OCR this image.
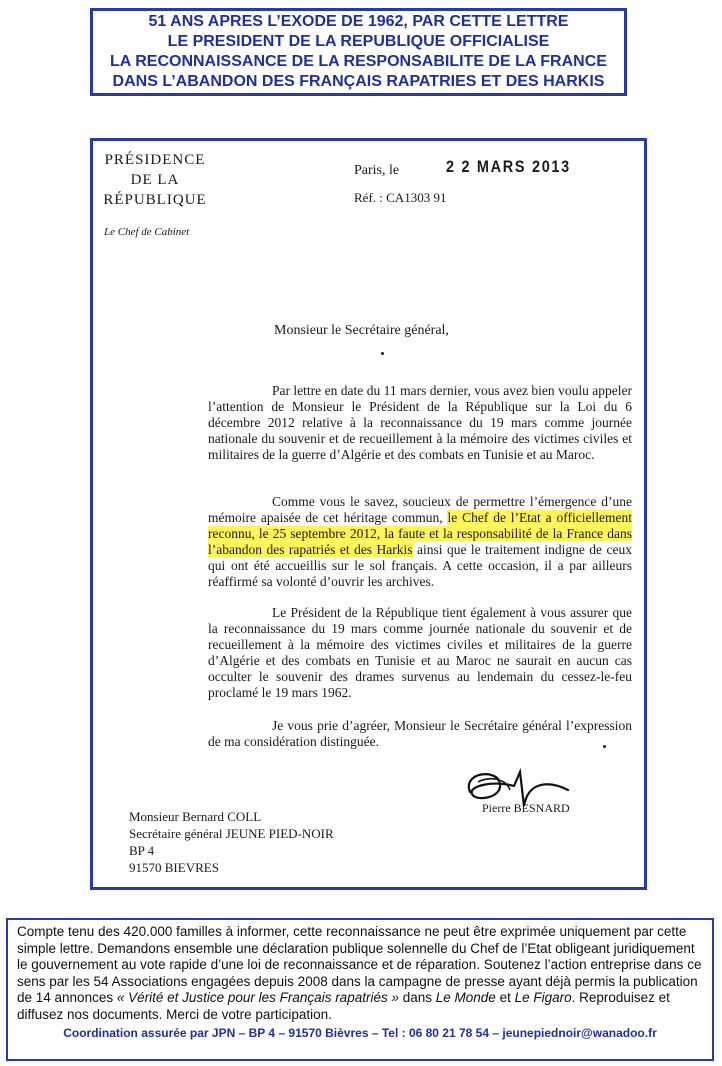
51 ANS APRES L’EXODE DE 1962, PAR CETTE LETTRE
LE PRESIDENT DE LA REPUBLIQUE OFFICIALISE
LA RECONNAISSANCE DE LA RESPONSABILITE DE LA FRANCE
DANS L’ABANDON DES FRANÇAIS RAPATRIES ET DES HARKIS
PRÉSIDENCE
DE LA
RÉPUBLIQUE
Le Chef de Cabinet
Paris, le	2 2 MARS 2013
Réf. : CA1303 91
Monsieur le Secrétaire général,

Par lettre en date du 11 mars dernier, vous avez bien voulu appeler l’attention de Monsieur le Président de la République sur la Loi du 6 décembre 2012 relative à la reconnaissance du 19 mars comme journée nationale du souvenir et de recueillement à la mémoire des victimes civiles et militaires de la guerre d’Algérie et des combats en Tunisie et au Maroc.

Comme vous le savez, soucieux de permettre l’émergence d’une mémoire apaisée de cet héritage commun, le Chef de l’Etat a officiellement reconnu, le 25 septembre 2012, la faute et la responsabilité de la France dans l’abandon des rapatriés et des Harkis ainsi que le traitement indigne de ceux qui ont été accueillis sur le sol français. A cette occasion, il a par ailleurs réaffirmé sa volonté d’ouvrir les archives.

Le Président de la République tient également à vous assurer que la reconnaissance du 19 mars comme journée nationale du souvenir et de recueillement à la mémoire des victimes civiles et militaires de la guerre d’Algérie et des combats en Tunisie et au Maroc ne saurait en aucun cas occulter le souvenir des drames survenus au lendemain du cessez-le-feu proclamé le 19 mars 1962.

Je vous prie d’agréer, Monsieur le Secrétaire général l’expression de ma considération distinguée.

Pierre BESNARD
Monsieur Bernard COLL
Secrétaire général JEUNE PIED-NOIR
BP 4
91570 BIEVRES

Compte tenu des 420.000 familles à informer, cette reconnaissance ne peut être exprimée uniquement par cette simple lettre. Demandons ensemble une déclaration publique solennelle du Chef de l’Etat obligeant juridiquement le gouvernement au vote rapide d’une loi de reconnaissance et de réparation. Soutenez l’action entreprise dans ce sens par les 54 Associations engagées depuis 2008 dans la campagne de presse ayant déjà permis la publication de 14 annonces « Vérité et Justice pour les Français rapatriés » dans Le Monde et Le Figaro. Reproduisez et diffusez nos documents. Merci de votre participation.

Coordination assurée par JPN – BP 4 – 91570 Bièvres – Tel : 06 80 21 78 54 – jeunepiednoir@wanadoo.fr
